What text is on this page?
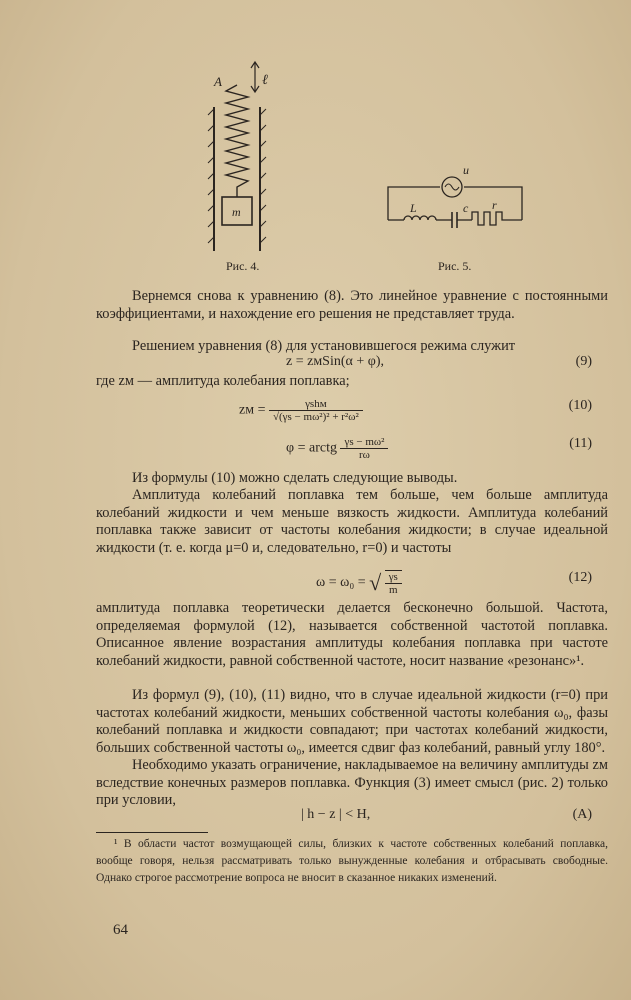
A	ℓ
m
Рис. 4.
u
L	c r
Рис. 5.

Вернемся снова к уравнению (8). Это линейное уравнение с постоянными коэффициентами, и нахождение его решения не представляет труда.

Решением уравнения (8) для установившегося режима служит

z = zмSin(α + φ),	(9)

где zм — амплитуда колебания поплавка;

zм = $\frac{\text{γshм}}{\text{√(γs − mω²)² + r²ω²}}$	(10)
φ = arctg $\frac{\text{γs − mω²}}{r\omega}$	(11)

Из формулы (10) можно сделать следующие выводы.

Амплитуда колебаний поплавка тем больше, чем больше амплитуда колебаний жидкости и чем меньше вязкость жидкости. Амплитуда колебаний поплавка также зависит от частоты колебания жидкости; в случае идеальной жидкости (т. е. когда μ=0 и, следовательно, r=0) и частоты

ω = ω₀ = √ $\frac{\gamma s}{m}$	(12)

амплитуда поплавка теоретически делается бесконечно большой. Частота, определяемая формулой (12), называется собственной частотой поплавка. Описанное явление возрастания амплитуды колебания поплавка при частоте колебаний жидкости, равной собственной частоте, носит название «резонанс»¹.

Из формул (9), (10), (11) видно, что в случае идеальной жидкости (r=0) при частотах колебаний жидкости, меньших собственной частоты колебания ω₀, фазы колебаний поплавка и жидкости совпадают; при частотах колебаний жидкости, больших собственной частоты ω₀, имеется сдвиг фаз колебаний, равный углу 180°.

Необходимо указать ограничение, накладываемое на величину амплитуды zм вследствие конечных размеров поплавка. Функция (3) имеет смысл (рис. 2) только при условии,

| h − z | < H,	(A)

¹ В области частот возмущающей силы, близких к частоте собственных колебаний поплавка, вообще говоря, нельзя рассматривать только вынужденные колебания и отбрасывать свободные. Однако строгое рассмотрение вопроса не вносит в сказанное никаких изменений.

64
